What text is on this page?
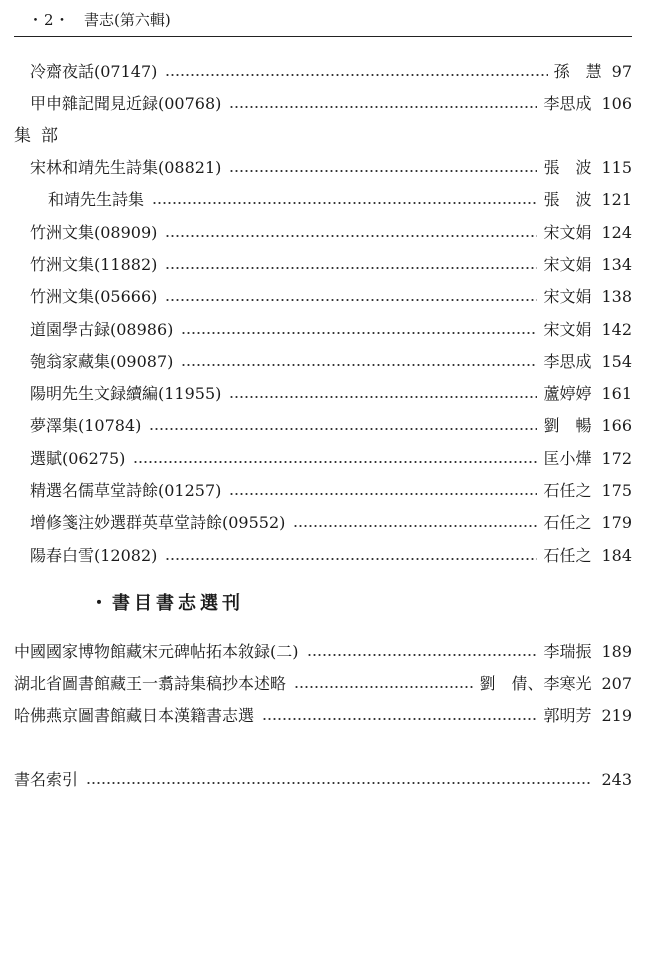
・2・ 書志(第六輯)
冷齋夜話(07147)	孫　慧 97
甲申雜記聞見近録(00768)	李思成 106
集部
宋林和靖先生詩集(08821)	張　波 115
和靖先生詩集	張　波 121
竹洲文集(08909)	宋文娟 124
竹洲文集(11882)	宋文娟 134
竹洲文集(05666)	宋文娟 138
道園學古録(08986)	宋文娟 142
匏翁家藏集(09087)	李思成 154
陽明先生文録續編(11955)	蘆婷婷 161
夢澤集(10784)	劉　暢 166
選賦(06275)	匡小燁 172
精選名儒草堂詩餘(01257)	石任之 175
增修箋注妙選群英草堂詩餘(09552)	石任之 179
陽春白雪(12082)	石任之 184
・書目書志選刊
中國國家博物館藏宋元碑帖拓本敘録(二)	李瑞振 189
湖北省圖書館藏王一翥詩集稿抄本述略	劉　倩、李寒光 207
哈佛燕京圖書館藏日本漢籍書志選	郭明芳 219
書名索引	243
